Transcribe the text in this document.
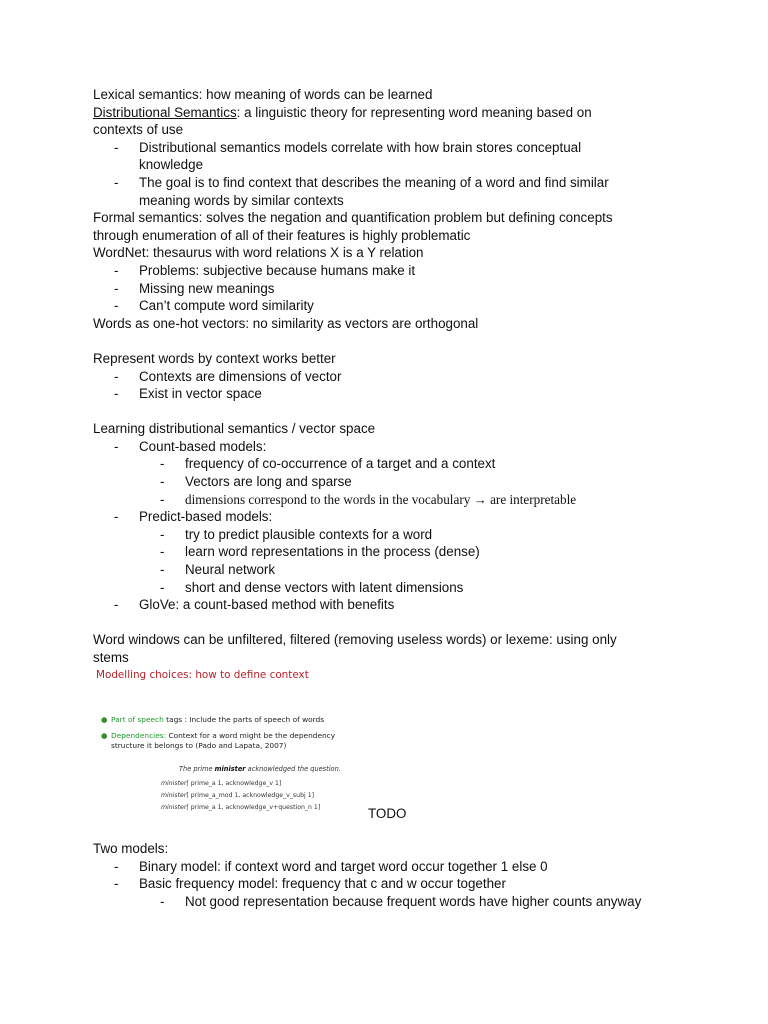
Lexical semantics: how meaning of words can be learned
Distributional Semantics: a linguistic theory for representing word meaning based on
contexts of use
- Distributional semantics models correlate with how brain stores conceptual
knowledge
- The goal is to find context that describes the meaning of a word and find similar
meaning words by similar contexts
Formal semantics: solves the negation and quantification problem but defining concepts
through enumeration of all of their features is highly problematic
WordNet: thesaurus with word relations X is a Y relation
- Problems: subjective because humans make it
- Missing new meanings
- Can’t compute word similarity
Words as one-hot vectors: no similarity as vectors are orthogonal
Represent words by context works better
- Contexts are dimensions of vector
- Exist in vector space
Learning distributional semantics / vector space
- Count-based models:
- frequency of co-occurrence of a target and a context
- Vectors are long and sparse
- dimensions correspond to the words in the vocabulary → are interpretable
- Predict-based models:
- try to predict plausible contexts for a word
- learn word representations in the process (dense)
- Neural network
- short and dense vectors with latent dimensions
- GloVe: a count-based method with benefits
Word windows can be unfiltered, filtered (removing useless words) or lexeme: using only
stems
Modelling choices: how to define context
● Part of speech tags : Include the parts of speech of words
● Dependencies: Context for a word might be the dependency
structure it belongs to (Pado and Lapata, 2007)
The prime minister acknowledged the question.
minister[ prime_a 1, acknowledge_v 1]
minister[ prime_a_mod 1, acknowledge_v_subj 1]
minister[ prime_a 1, acknowledge_v+question_n 1]	TODO
Two models:
- Binary model: if context word and target word occur together 1 else 0
- Basic frequency model: frequency that c and w occur together
- Not good representation because frequent words have higher counts anyway
